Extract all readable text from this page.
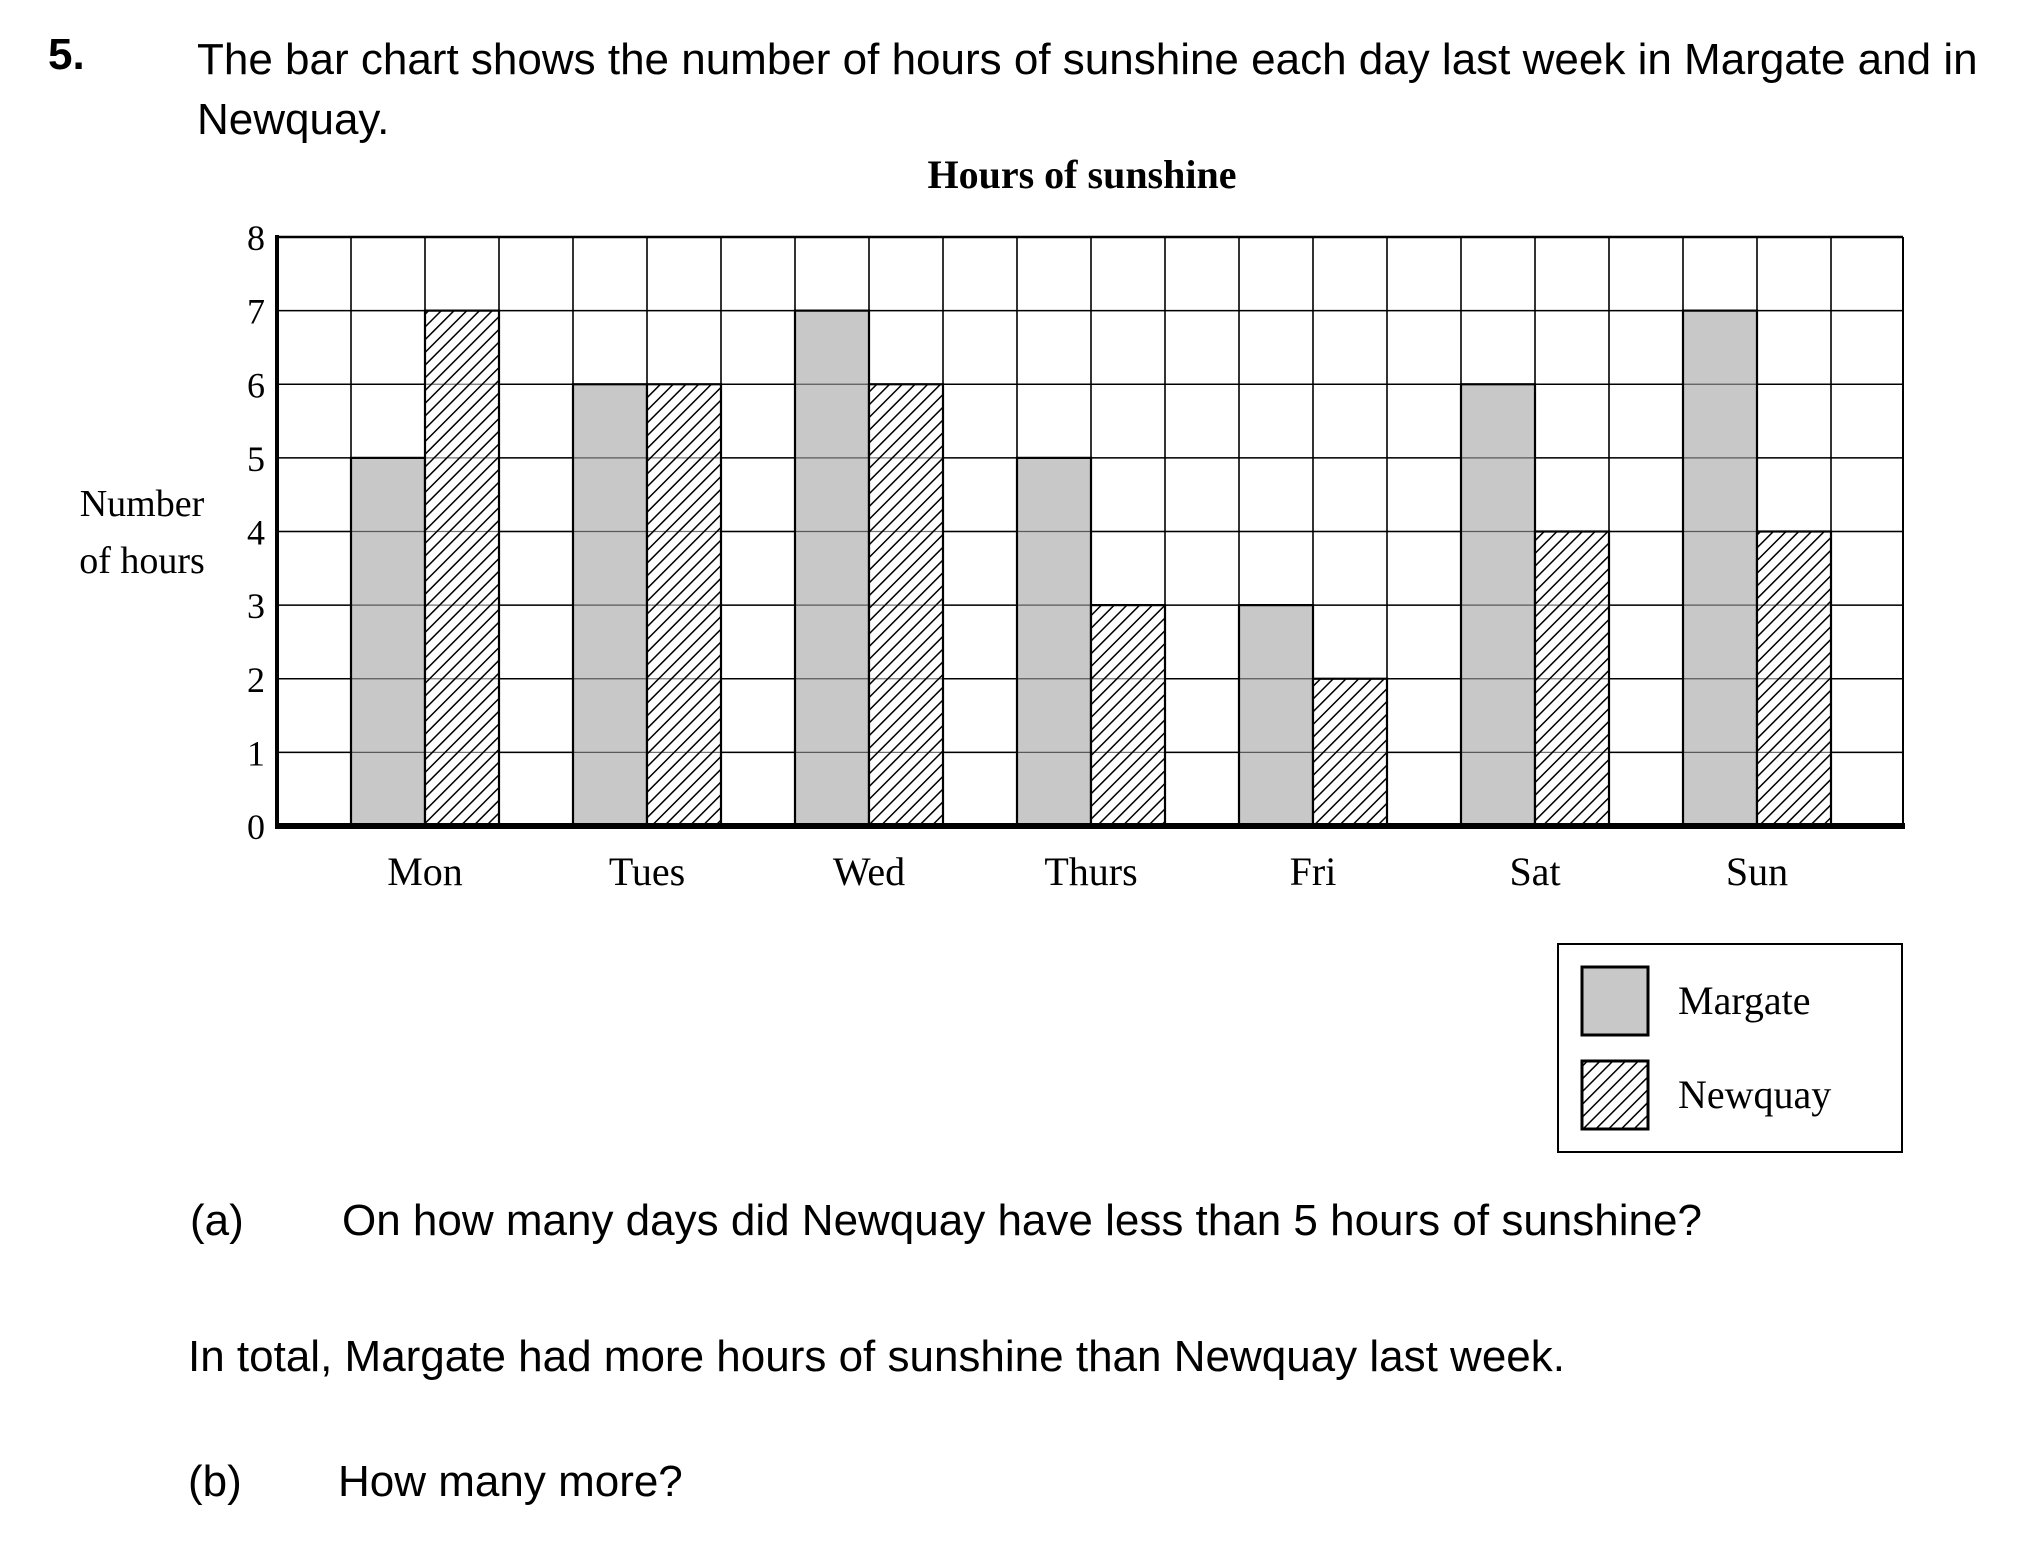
5.	The bar chart shows the number of hours of sunshine each day last week in Margate and in Newquay.
Hours of sunshine
Number of hours
0
1
2
3
4
5
6
7
8
Mon	Tues	Wed	Thurs	Fri	Sat	Sun
Margate
Newquay
(a) On how many days did Newquay have less than 5 hours of sunshine?
In total, Margate had more hours of sunshine than Newquay last week.
(b) How many more?
